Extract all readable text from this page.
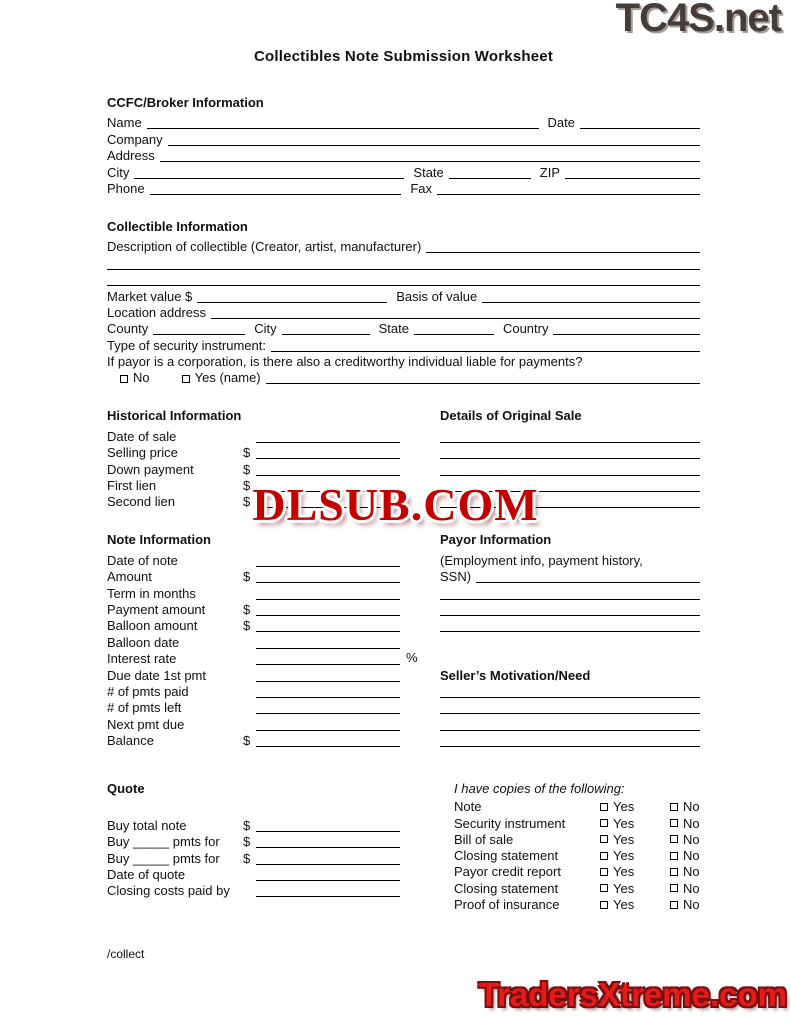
TC4S.net
DLSUB.COM
TradersXtreme.com
Collectibles Note Submission Worksheet
CCFC/Broker Information
Name	Date
Company
Address
City	State	ZIP
Phone	Fax
Collectible Information
Description of collectible (Creator, artist, manufacturer)
Market value $	Basis of value
Location address
County	City	State	Country
Type of security instrument:
If payor is a corporation, is there also a creditworthy individual liable for payments?
No	Yes (name)
Historical Information
Date of sale
Selling price	$
Down payment	$
First lien	$
Second lien	$
Details of Original Sale
Note Information
Date of note
Amount	$
Term in months
Payment amount	$
Balloon amount	$
Balloon date
Interest rate	%
Due date 1st pmt
# of pmts paid
# of pmts left
Next pmt due
Balance	$
Payor Information
(Employment info, payment history,
SSN)
Seller’s Motivation/Need
Quote
Buy total note	$
Buy _____ pmts for	$
Buy _____ pmts for	$
Date of quote
Closing costs paid by
I have copies of the following:
Note	Yes	No
Security instrument	Yes	No
Bill of sale	Yes	No
Closing statement	Yes	No
Payor credit report	Yes	No
Closing statement	Yes	No
Proof of insurance	Yes	No
/collect
